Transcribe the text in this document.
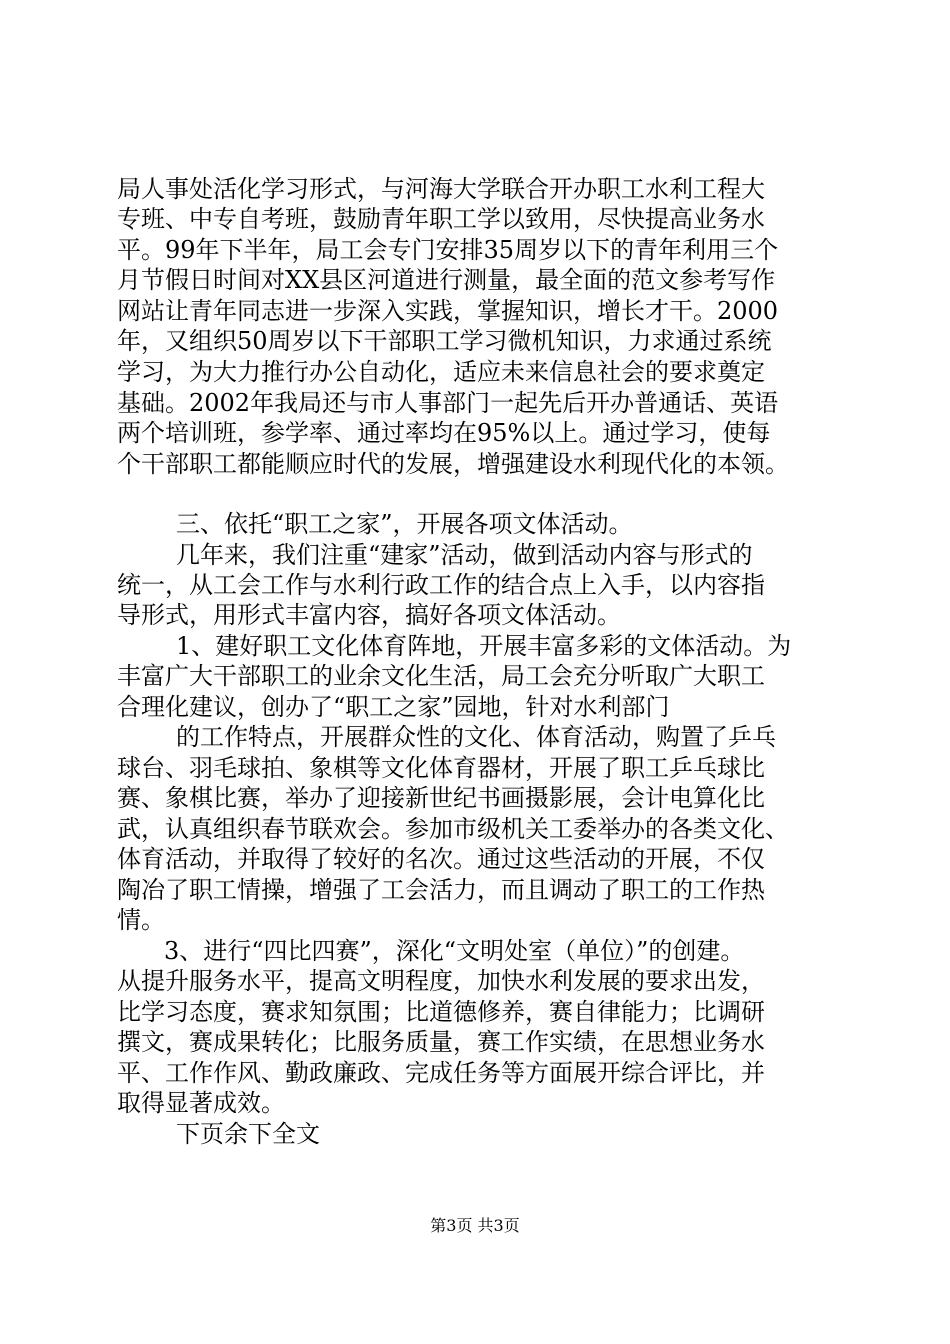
局人事处活化学习形式，与河海大学联合开办职工水利工程大

专班、中专自考班，鼓励青年职工学以致用，尽快提高业务水

平。99年下半年，局工会专门安排35周岁以下的青年利用三个

月节假日时间对XX县区河道进行测量，最全面的范文参考写作

网站让青年同志进一步深入实践，掌握知识，增长才干。2000

年，又组织50周岁以下干部职工学习微机知识，力求通过系统

学习，为大力推行办公自动化，适应未来信息社会的要求奠定

基础。2002年我局还与市人事部门一起先后开办普通话、英语

两个培训班，参学率、通过率均在95%以上。通过学习，使每

个干部职工都能顺应时代的发展，增强建设水利现代化的本领。

三、依托“职工之家”，开展各项文体活动。

几年来，我们注重“建家”活动，做到活动内容与形式的

统一，从工会工作与水利行政工作的结合点上入手，以内容指

导形式，用形式丰富内容，搞好各项文体活动。

1、建好职工文化体育阵地，开展丰富多彩的文体活动。为

丰富广大干部职工的业余文化生活，局工会充分听取广大职工

合理化建议，创办了“职工之家”园地，针对水利部门

的工作特点，开展群众性的文化、体育活动，购置了乒乓

球台、羽毛球拍、象棋等文化体育器材，开展了职工乒乓球比

赛、象棋比赛，举办了迎接新世纪书画摄影展，会计电算化比

武，认真组织春节联欢会。参加市级机关工委举办的各类文化、

体育活动，并取得了较好的名次。通过这些活动的开展，不仅

陶冶了职工情操，增强了工会活力，而且调动了职工的工作热

情。

3、进行“四比四赛”，深化“文明处室（单位）”的创建。

从提升服务水平，提高文明程度，加快水利发展的要求出发，

比学习态度，赛求知氛围；比道德修养，赛自律能力；比调研

撰文，赛成果转化；比服务质量，赛工作实绩，在思想业务水

平、工作作风、勤政廉政、完成任务等方面展开综合评比，并

取得显著成效。

下页余下全文

第3页 共3页
